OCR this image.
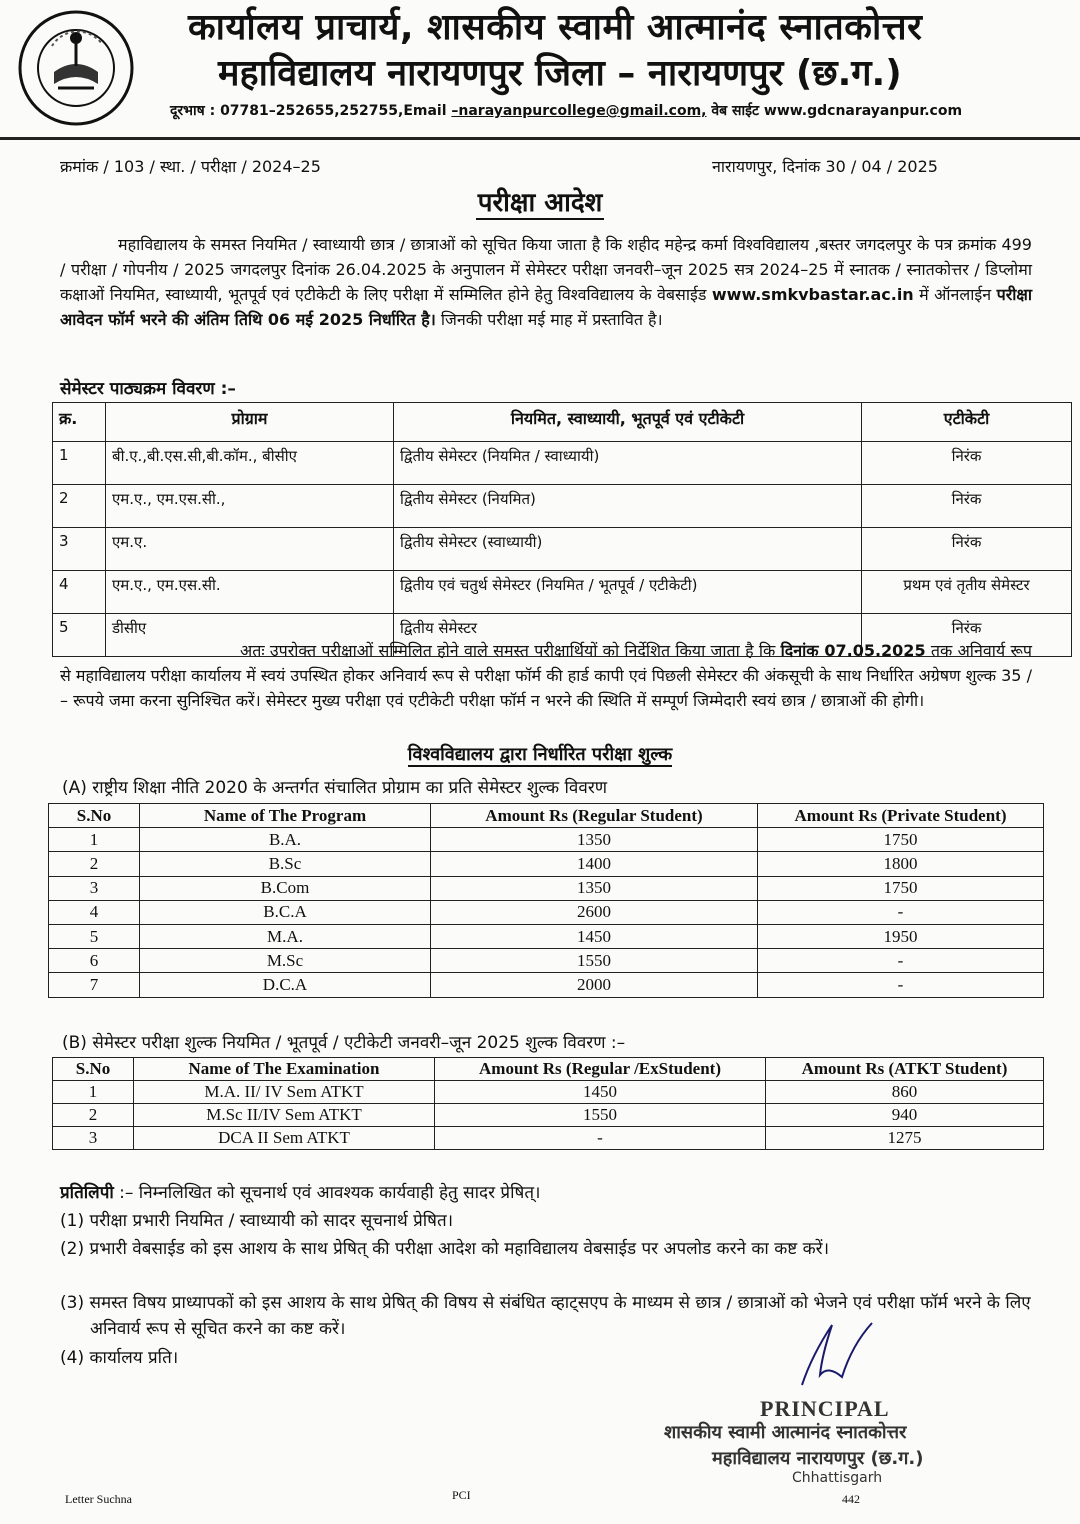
कार्यालय प्राचार्य, शासकीय स्वामी आत्मानंद स्नातकोत्तर
महाविद्यालय नारायणपुर जिला – नारायणपुर (छ.ग.)
दूरभाष : 07781–252655,252755,Email –narayanpurcollege@gmail.com, वेब साईट www.gdcnarayanpur.com
क्रमांक / 103 / स्था. / परीक्षा / 2024–25	नारायणपुर, दिनांक 30 / 04 / 2025
परीक्षा आदेश
महाविद्यालय के समस्त नियमित / स्वाध्यायी छात्र / छात्राओं को सूचित किया जाता है कि शहीद महेन्द्र कर्मा विश्वविद्यालय ,बस्तर जगदलपुर के पत्र क्रमांक 499 / परीक्षा / गोपनीय / 2025 जगदलपुर दिनांक 26.04.2025 के अनुपालन में सेमेस्टर परीक्षा जनवरी–जून 2025 सत्र 2024–25 में स्नातक / स्नातकोत्तर / डिप्लोमा कक्षाओं नियमित, स्वाध्यायी, भूतपूर्व एवं एटीकेटी के लिए परीक्षा में सम्मिलित होने हेतु विश्वविद्यालय के वेबसाईड www.smkvbastar.ac.in में ऑनलाईन परीक्षा आवेदन फॉर्म भरने की अंतिम तिथि 06 मई 2025 निर्धारित है। जिनकी परीक्षा मई माह में प्रस्तावित है।
सेमेस्टर पाठ्यक्रम विवरण :–
क्र.	प्रोग्राम	नियमित, स्वाध्यायी, भूतपूर्व एवं एटीकेटी	एटीकेटी
1	बी.ए.,बी.एस.सी,बी.कॉम., बीसीए	द्वितीय सेमेस्टर (नियमित / स्वाध्यायी)	निरंक
2	एम.ए., एम.एस.सी.,	द्वितीय सेमेस्टर (नियमित)	निरंक
3	एम.ए.	द्वितीय सेमेस्टर (स्वाध्यायी)	निरंक
4	एम.ए., एम.एस.सी.	द्वितीय एवं चतुर्थ सेमेस्टर (नियमित / भूतपूर्व / एटीकेटी)	प्रथम एवं तृतीय सेमेस्टर
5	डीसीए	द्वितीय सेमेस्टर	निरंक
अतः उपरोक्त परीक्षाओं सम्मिलित होने वाले समस्त परीक्षार्थियों को निर्देशित किया जाता है कि दिनांक 07.05.2025 तक अनिवार्य रूप से महाविद्यालय परीक्षा कार्यालय में स्वयं उपस्थित होकर अनिवार्य रूप से परीक्षा फॉर्म की हार्ड कापी एवं पिछली सेमेस्टर की अंकसूची के साथ निर्धारित अग्रेषण शुल्क 35 / – रूपये जमा करना सुनिश्चित करें। सेमेस्टर मुख्य परीक्षा एवं एटीकेटी परीक्षा फॉर्म न भरने की स्थिति में सम्पूर्ण जिम्मेदारी स्वयं छात्र / छात्राओं की होगी।
विश्वविद्यालय द्वारा निर्धारित परीक्षा शुल्क
(A) राष्ट्रीय शिक्षा नीति 2020 के अन्तर्गत संचालित प्रोग्राम का प्रति सेमेस्टर शुल्क विवरण
S.No	Name of The Program	Amount Rs (Regular Student)	Amount Rs (Private Student)
1	B.A.	1350	1750
2	B.Sc	1400	1800
3	B.Com	1350	1750
4	B.C.A	2600	-
5	M.A.	1450	1950
6	M.Sc	1550	-
7	D.C.A	2000	-
(B) सेमेस्टर परीक्षा शुल्क नियमित / भूतपूर्व / एटीकेटी जनवरी–जून 2025 शुल्क विवरण :–
S.No	Name of The Examination	Amount Rs (Regular /ExStudent)	Amount Rs (ATKT Student)
1	M.A. II/ IV Sem ATKT	1450	860
2	M.Sc II/IV Sem ATKT	1550	940
3	DCA II Sem ATKT	-	1275
प्रतिलिपी :– निम्नलिखित को सूचनार्थ एवं आवश्यक कार्यवाही हेतु सादर प्रेषित्।
(1) परीक्षा प्रभारी नियमित / स्वाध्यायी को सादर सूचनार्थ प्रेषित।
(2) प्रभारी वेबसाईड को इस आशय के साथ प्रेषित् की परीक्षा आदेश को महाविद्यालय वेबसाईड पर अपलोड करने का कष्ट करें।
(3) समस्त विषय प्राध्यापकों को इस आशय के साथ प्रेषित् की विषय से संबंधित व्हाट्सएप के माध्यम से छात्र / छात्राओं को भेजने एवं परीक्षा फॉर्म भरने के लिए अनिवार्य रूप से सूचित करने का कष्ट करें।
(4) कार्यालय प्रति।
PRINCIPAL
शासकीय स्वामी आत्मानंद स्नातकोत्तर
महाविद्यालय नारायणपुर (छ.ग.)
Chhattisgarh
Letter Suchna	PCI	442
